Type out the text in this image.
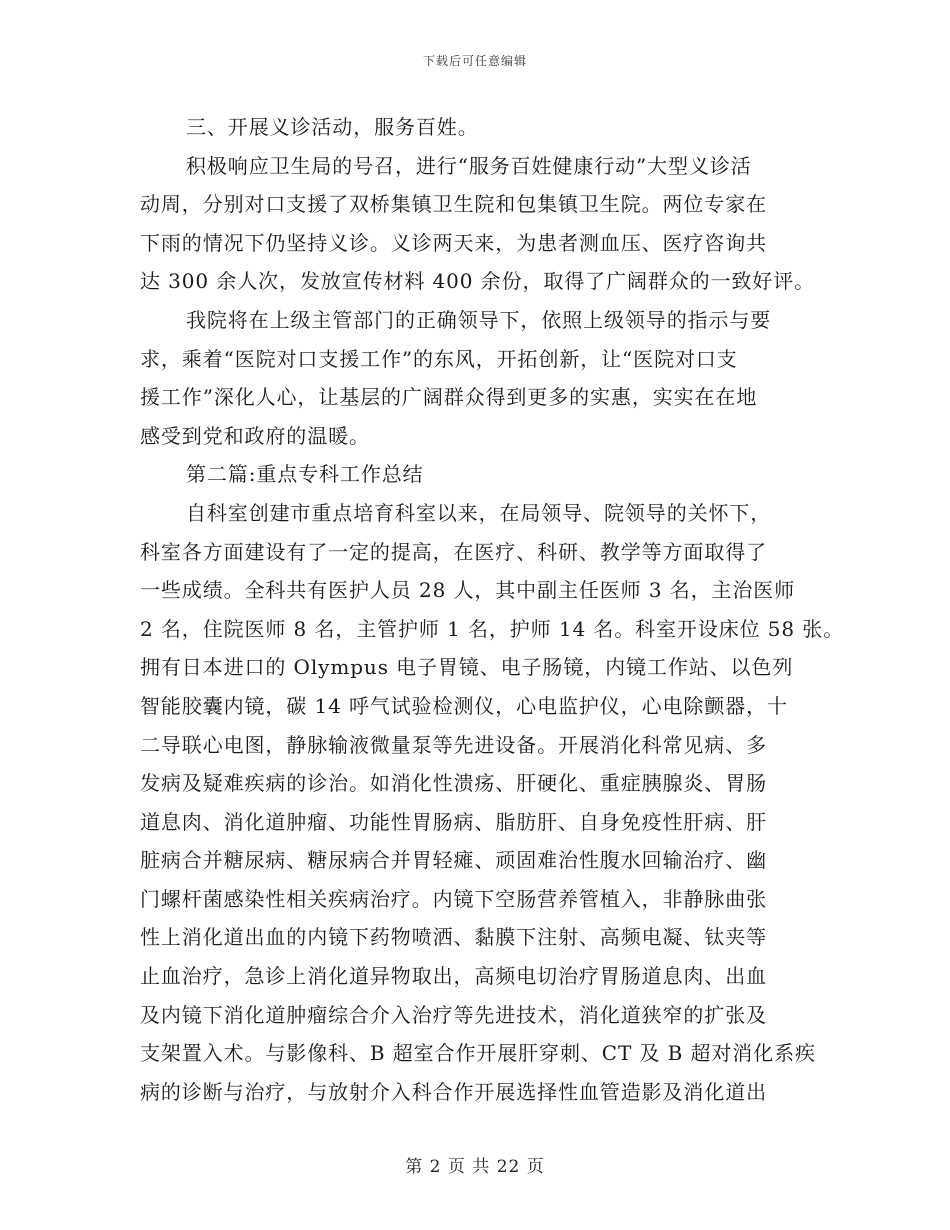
下载后可任意编辑
三、开展义诊活动，服务百姓。
积极响应卫生局的号召，进行“服务百姓健康行动”大型义诊活
动周，分别对口支援了双桥集镇卫生院和包集镇卫生院。两位专家在
下雨的情况下仍坚持义诊。义诊两天来，为患者测血压、医疗咨询共
达 300 余人次，发放宣传材料 400 余份，取得了广阔群众的一致好评。
我院将在上级主管部门的正确领导下，依照上级领导的指示与要
求，乘着“医院对口支援工作”的东风，开拓创新，让“医院对口支
援工作”深化人心，让基层的广阔群众得到更多的实惠，实实在在地
感受到党和政府的温暖。
第二篇:重点专科工作总结
自科室创建市重点培育科室以来，在局领导、院领导的关怀下，
科室各方面建设有了一定的提高，在医疗、科研、教学等方面取得了
一些成绩。全科共有医护人员 28 人，其中副主任医师 3 名，主治医师
2 名，住院医师 8 名，主管护师 1 名，护师 14 名。科室开设床位 58 张。
拥有日本进口的 Olympus 电子胃镜、电子肠镜，内镜工作站、以色列
智能胶囊内镜，碳 14 呼气试验检测仪，心电监护仪，心电除颤器，十
二导联心电图，静脉输液微量泵等先进设备。开展消化科常见病、多
发病及疑难疾病的诊治。如消化性溃疡、肝硬化、重症胰腺炎、胃肠
道息肉、消化道肿瘤、功能性胃肠病、脂肪肝、自身免疫性肝病、肝
脏病合并糖尿病、糖尿病合并胃轻瘫、顽固难治性腹水回输治疗、幽
门螺杆菌感染性相关疾病治疗。内镜下空肠营养管植入，非静脉曲张
性上消化道出血的内镜下药物喷洒、黏膜下注射、高频电凝、钛夹等
止血治疗，急诊上消化道异物取出，高频电切治疗胃肠道息肉、出血
及内镜下消化道肿瘤综合介入治疗等先进技术，消化道狭窄的扩张及
支架置入术。与影像科、B 超室合作开展肝穿刺、CT 及 B 超对消化系疾
病的诊断与治疗，与放射介入科合作开展选择性血管造影及消化道出
第 2 页 共 22 页
